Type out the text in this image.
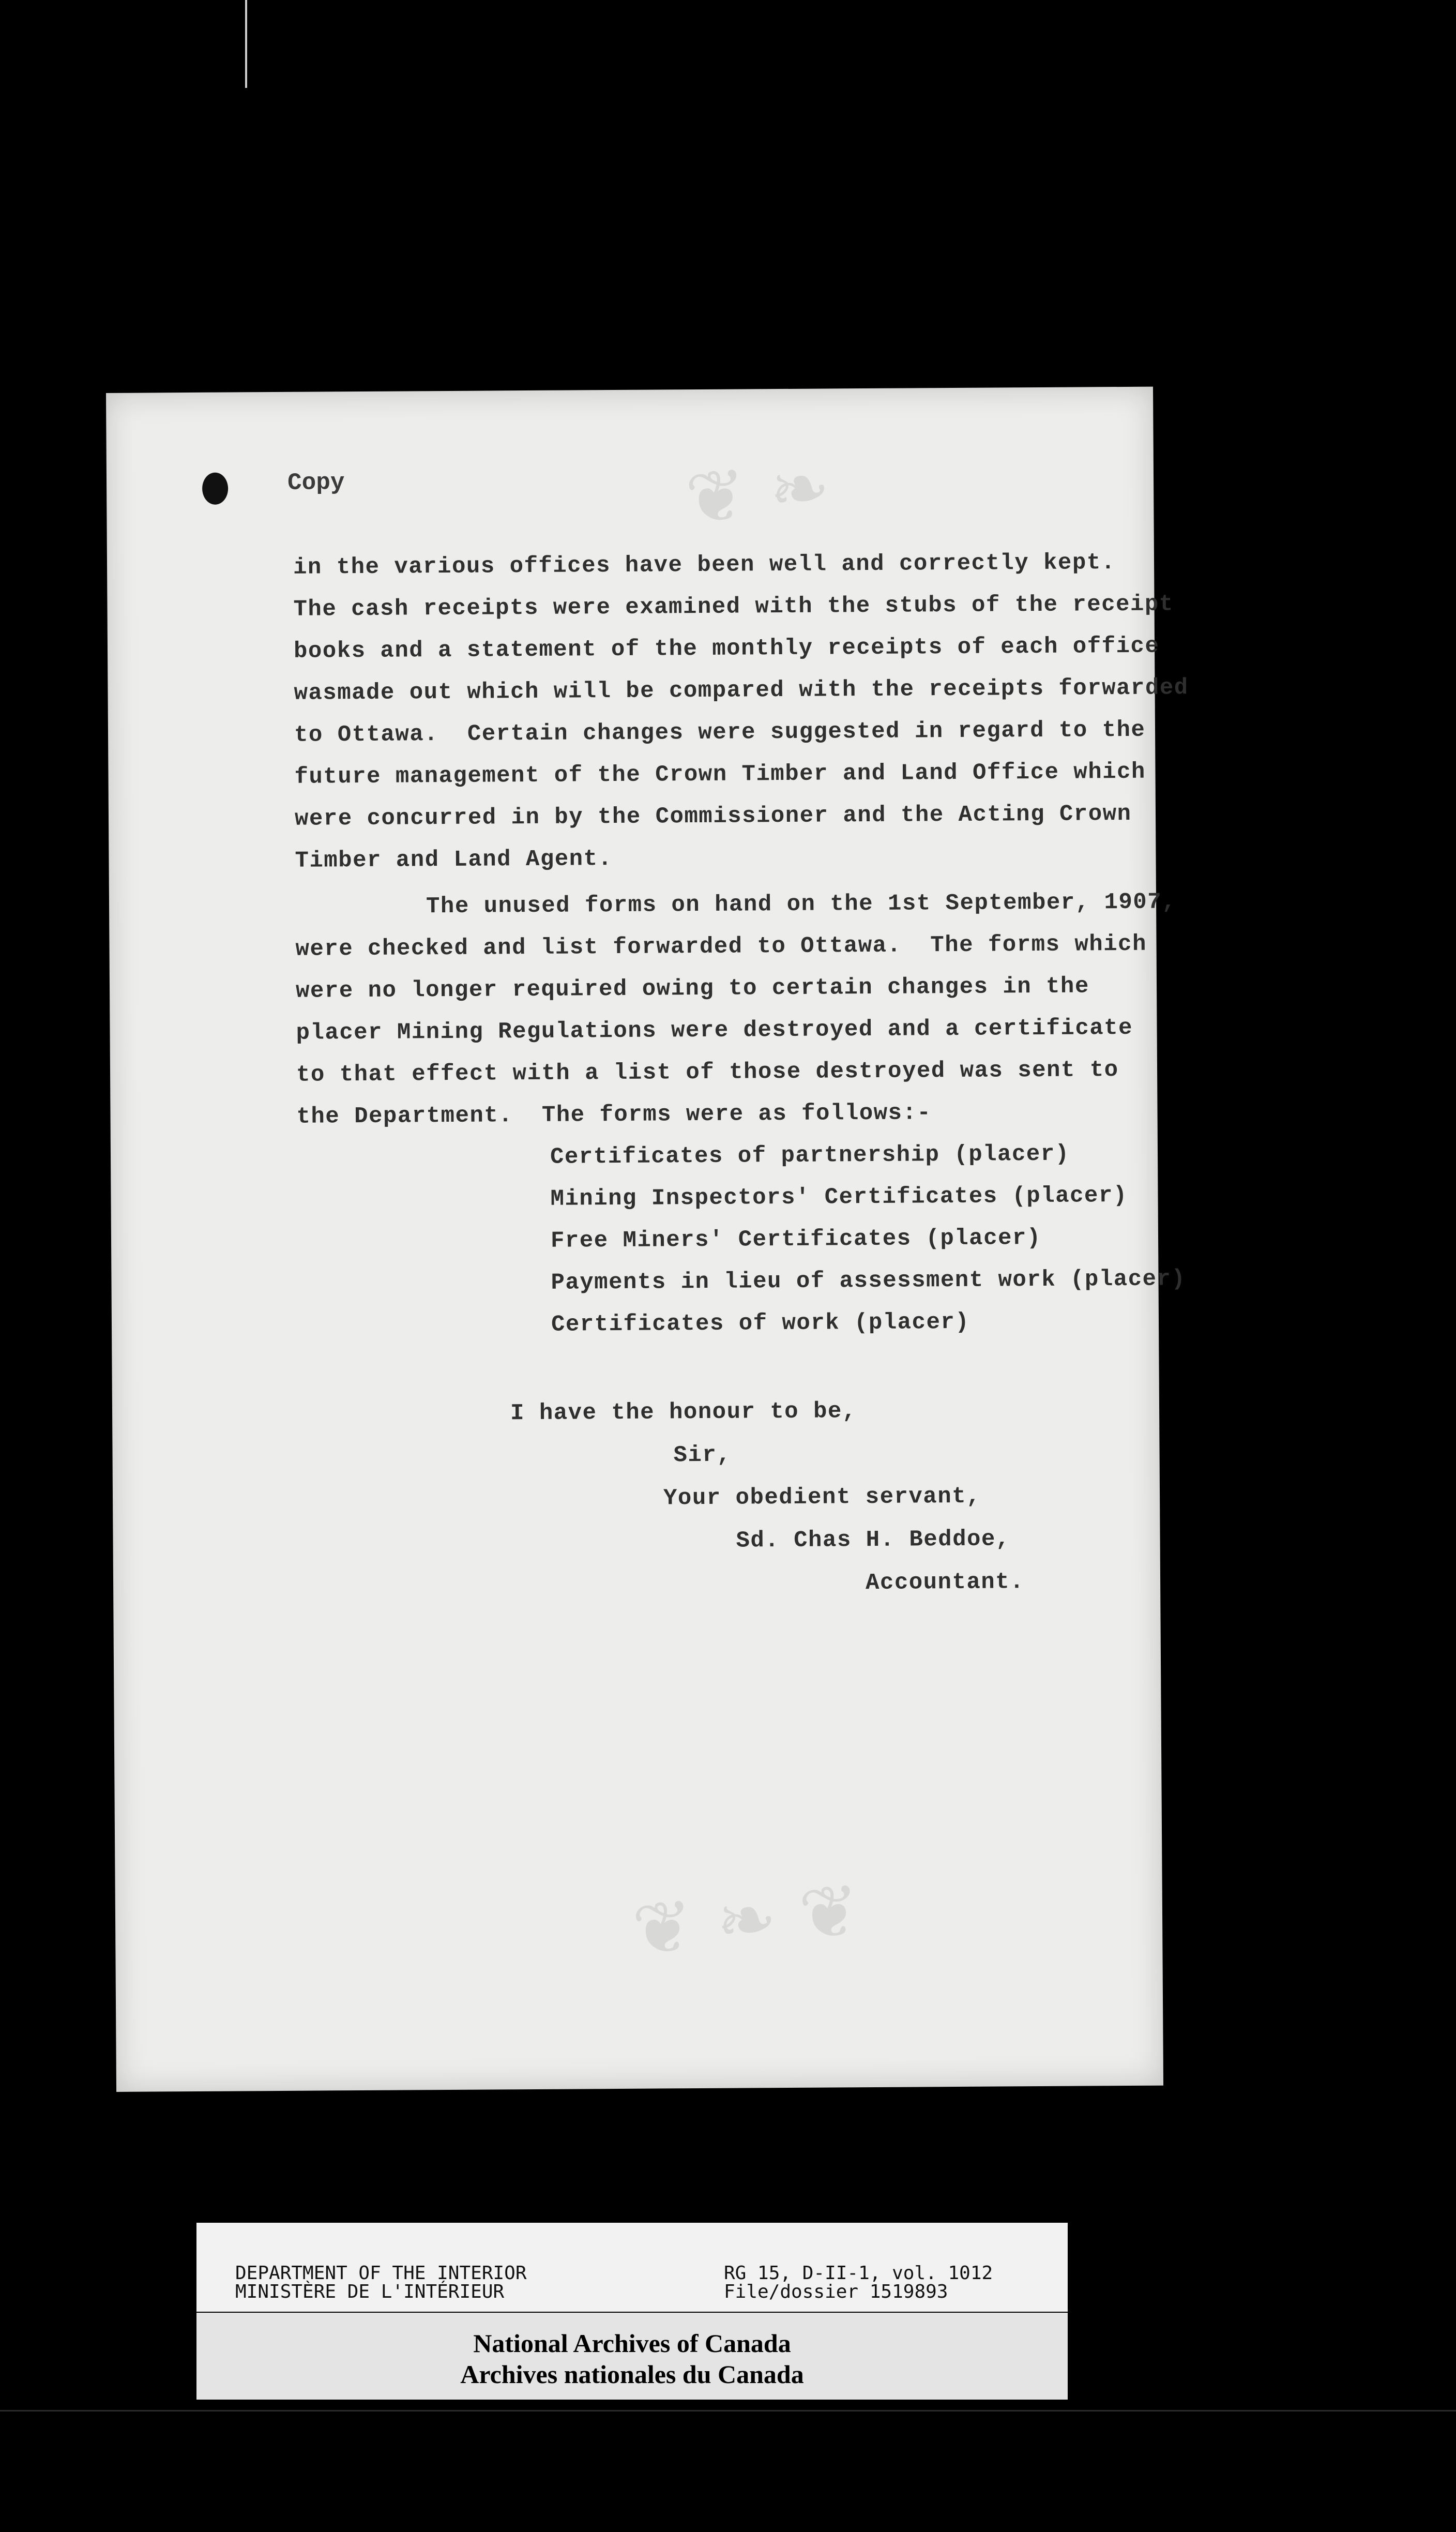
❦ ❧
❦ ❧ ❦
Copy
in the various offices have been well and correctly kept.
The cash receipts were examined with the stubs of the receipt
books and a statement of the monthly receipts of each office
wasmade out which will be compared with the receipts forwarded
to Ottawa.  Certain changes were suggested in regard to the
future management of the Crown Timber and Land Office which
were concurred in by the Commissioner and the Acting Crown
Timber and Land Agent.
The unused forms on hand on the 1st September, 1907,
were checked and list forwarded to Ottawa.  The forms which
were no longer required owing to certain changes in the
placer Mining Regulations were destroyed and a certificate
to that effect with a list of those destroyed was sent to
the Department.  The forms were as follows:-
Certificates of partnership (placer)
Mining Inspectors' Certificates (placer)
Free Miners' Certificates (placer)
Payments in lieu of assessment work (placer)
Certificates of work (placer)
I have the honour to be,
Sir,
Your obedient servant,
Sd. Chas H. Beddoe,
Accountant.
DEPARTMENT OF THE INTERIOR
MINISTÈRE DE L'INTÉRIEUR
RG 15, D-II-1, vol. 1012
File/dossier 1519893
National Archives of Canada
Archives nationales du Canada
